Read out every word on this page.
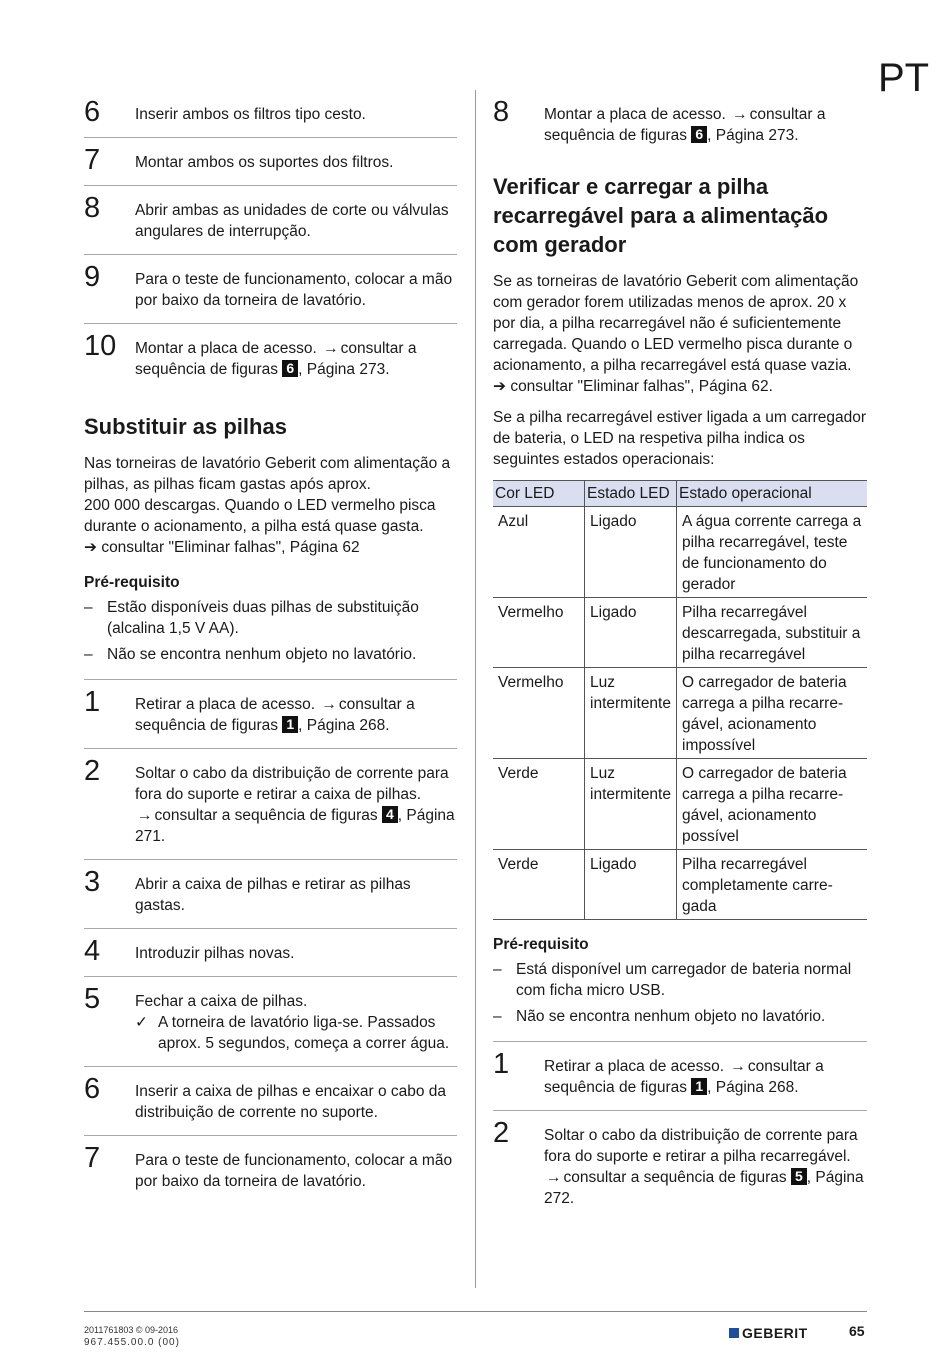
PT
6 Inserir ambos os filtros tipo cesto.
7 Montar ambos os suportes dos filtros.
8 Abrir ambas as unidades de corte ou válvulas angulares de interrupção.
9 Para o teste de funcionamento, colocar a mão por baixo da torneira de lavatório.
10 Montar a placa de acesso. → consultar a sequência de figuras 6 , Página 273.
Substituir as pilhas

Nas torneiras de lavatório Geberit com alimentação a pilhas, as pilhas ficam gastas após aprox.
200 000 descargas. Quando o LED vermelho pisca durante o acionamento, a pilha está quase gasta.
➔ consultar "Eliminar falhas", Página 62

Pré-requisito
– Estão disponíveis duas pilhas de substituição (alcalina 1,5 V AA).
– Não se encontra nenhum objeto no lavatório.
1 Retirar a placa de acesso. → consultar a sequência de figuras 1 , Página 268.
2 Soltar o cabo da distribuição de corrente para fora do suporte e retirar a caixa de pilhas. → consultar a sequência de figuras 4 , Página 271.
3 Abrir a caixa de pilhas e retirar as pilhas gastas.
4 Introduzir pilhas novas.
5 Fechar a caixa de pilhas.
✓ A torneira de lavatório liga-se. Passados aprox. 5 segundos, começa a correr água.
6 Inserir a caixa de pilhas e encaixar o cabo da distribuição de corrente no suporte.
7 Para o teste de funcionamento, colocar a mão por baixo da torneira de lavatório.
8 Montar a placa de acesso. → consultar a sequência de figuras 6 , Página 273.
Verificar e carregar a pilha recarregável para a alimentação com gerador

Se as torneiras de lavatório Geberit com alimentação com gerador forem utilizadas menos de aprox. 20 x por dia, a pilha recarregável não é suficientemente carregada. Quando o LED vermelho pisca durante o acionamento, a pilha recarregável está quase vazia. ➔ consultar "Eliminar falhas", Página 62.

Se a pilha recarregável estiver ligada a um carregador de bateria, o LED na respetiva pilha indica os seguintes estados operacionais:

Cor LED	Estado LED	Estado operacional
Azul	Ligado	A água corrente carrega a pilha recarregável, teste de funcionamento do gerador
Vermelho	Ligado	Pilha recarregável descarregada, substituir a pilha recarregável
Vermelho	Luz intermitente	O carregador de bateria carrega a pilha recarre-gável, acionamento impossível
Verde	Luz intermitente	O carregador de bateria carrega a pilha recarre-gável, acionamento possível
Verde	Ligado	Pilha recarregável completamente carre-gada
Pré-requisito
– Está disponível um carregador de bateria normal com ficha micro USB.
– Não se encontra nenhum objeto no lavatório.
1 Retirar a placa de acesso. → consultar a sequência de figuras 1 , Página 268.
2 Soltar o cabo da distribuição de corrente para fora do suporte e retirar a pilha recarregável. → consultar a sequência de figuras 5 , Página 272.
2011761803 © 09-2016
967.455.00.0 (00)
GEBERIT	65
